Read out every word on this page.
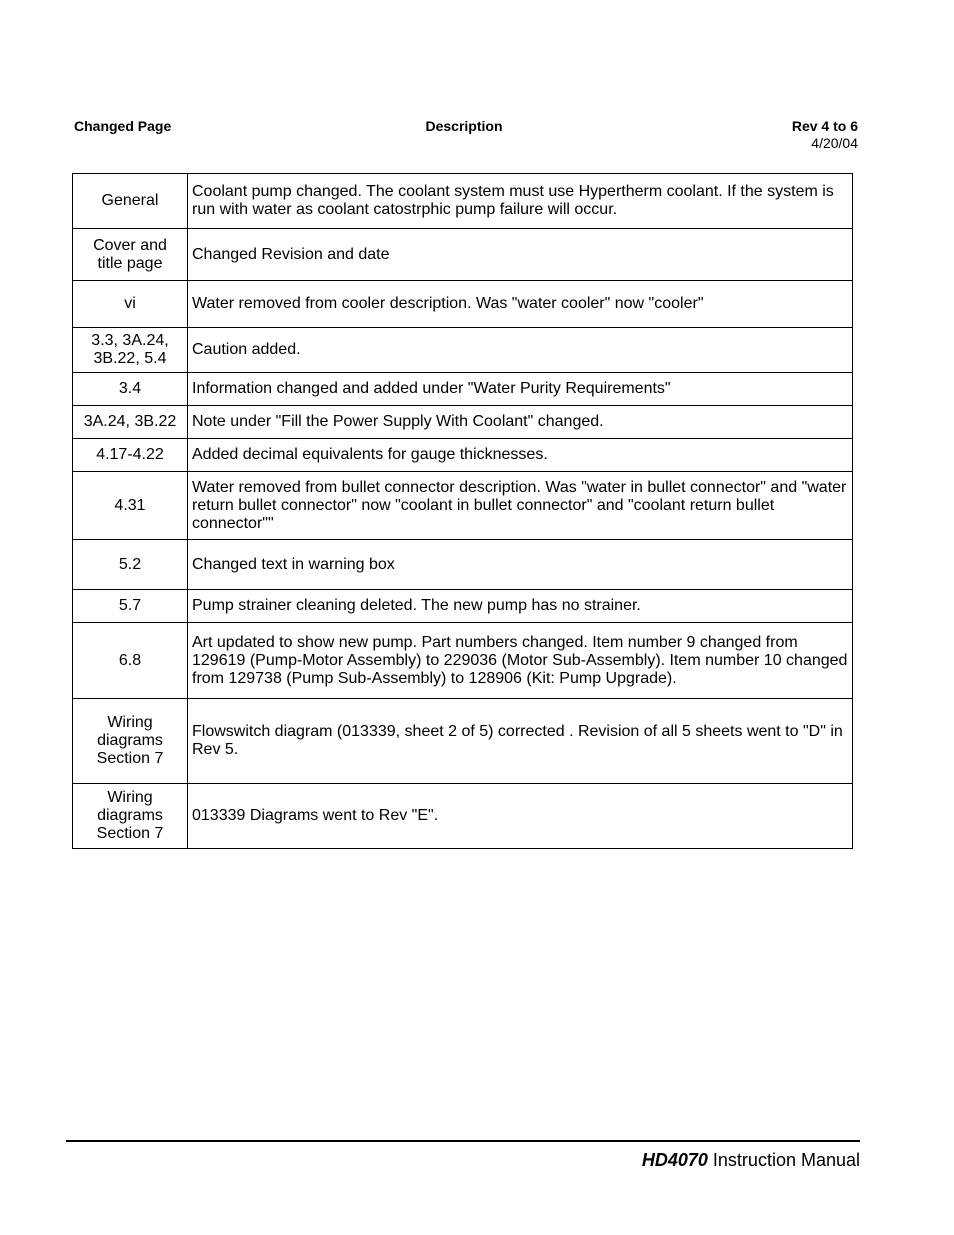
Changed Page	Description	Rev 4 to 6
4/20/04
General	Coolant pump changed. The coolant system must use Hypertherm coolant. If the system is run with water as coolant catostrphic pump failure will occur.
Cover and title page	Changed Revision and date
vi	Water removed from cooler description. Was "water cooler" now "cooler"
3.3, 3A.24, 3B.22, 5.4	Caution added.
3.4	Information changed and added under "Water Purity Requirements"
3A.24, 3B.22	Note under "Fill the Power Supply With Coolant" changed.
4.17-4.22	Added decimal equivalents for gauge thicknesses.
4.31	Water removed from bullet connector description. Was "water in bullet connector" and "water return bullet connector" now "coolant in bullet connector" and "coolant return bullet connector""
5.2	Changed text in warning box
5.7	Pump strainer cleaning deleted. The new pump has no strainer.
6.8	Art updated to show new pump. Part numbers changed. Item number 9 changed from 129619 (Pump-Motor Assembly) to 229036 (Motor Sub-Assembly). Item number 10 changed from 129738 (Pump Sub-Assembly) to 128906 (Kit: Pump Upgrade).
Wiring diagrams Section 7	Flowswitch diagram (013339, sheet 2 of 5) corrected . Revision of all 5 sheets went to "D" in Rev 5.
Wiring diagrams Section 7	013339 Diagrams went to Rev "E".
HD4070 Instruction Manual
